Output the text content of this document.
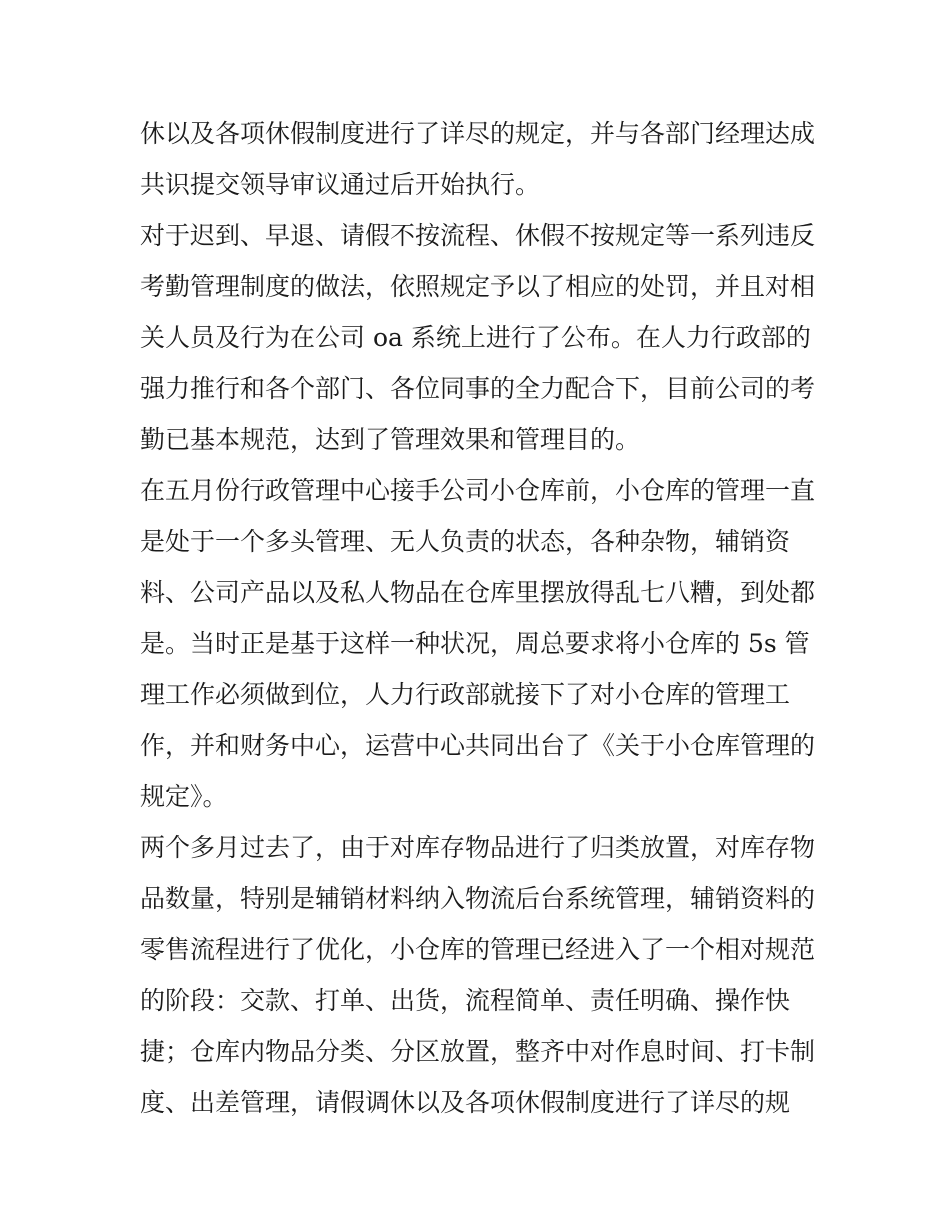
休以及各项休假制度进行了详尽的规定，并与各部门经理达成
共识提交领导审议通过后开始执行。
对于迟到、早退、请假不按流程、休假不按规定等一系列违反
考勤管理制度的做法，依照规定予以了相应的处罚，并且对相
关人员及行为在公司 oa 系统上进行了公布。在人力行政部的
强力推行和各个部门、各位同事的全力配合下，目前公司的考
勤已基本规范，达到了管理效果和管理目的。
在五月份行政管理中心接手公司小仓库前，小仓库的管理一直
是处于一个多头管理、无人负责的状态，各种杂物，辅销资
料、公司产品以及私人物品在仓库里摆放得乱七八糟，到处都
是。当时正是基于这样一种状况，周总要求将小仓库的 5s 管
理工作必须做到位，人力行政部就接下了对小仓库的管理工
作，并和财务中心，运营中心共同出台了《关于小仓库管理的
规定》。
两个多月过去了，由于对库存物品进行了归类放置，对库存物
品数量，特别是辅销材料纳入物流后台系统管理，辅销资料的
零售流程进行了优化，小仓库的管理已经进入了一个相对规范
的阶段：交款、打单、出货，流程简单、责任明确、操作快
捷；仓库内物品分类、分区放置，整齐中对作息时间、打卡制
度、出差管理，请假调休以及各项休假制度进行了详尽的规
